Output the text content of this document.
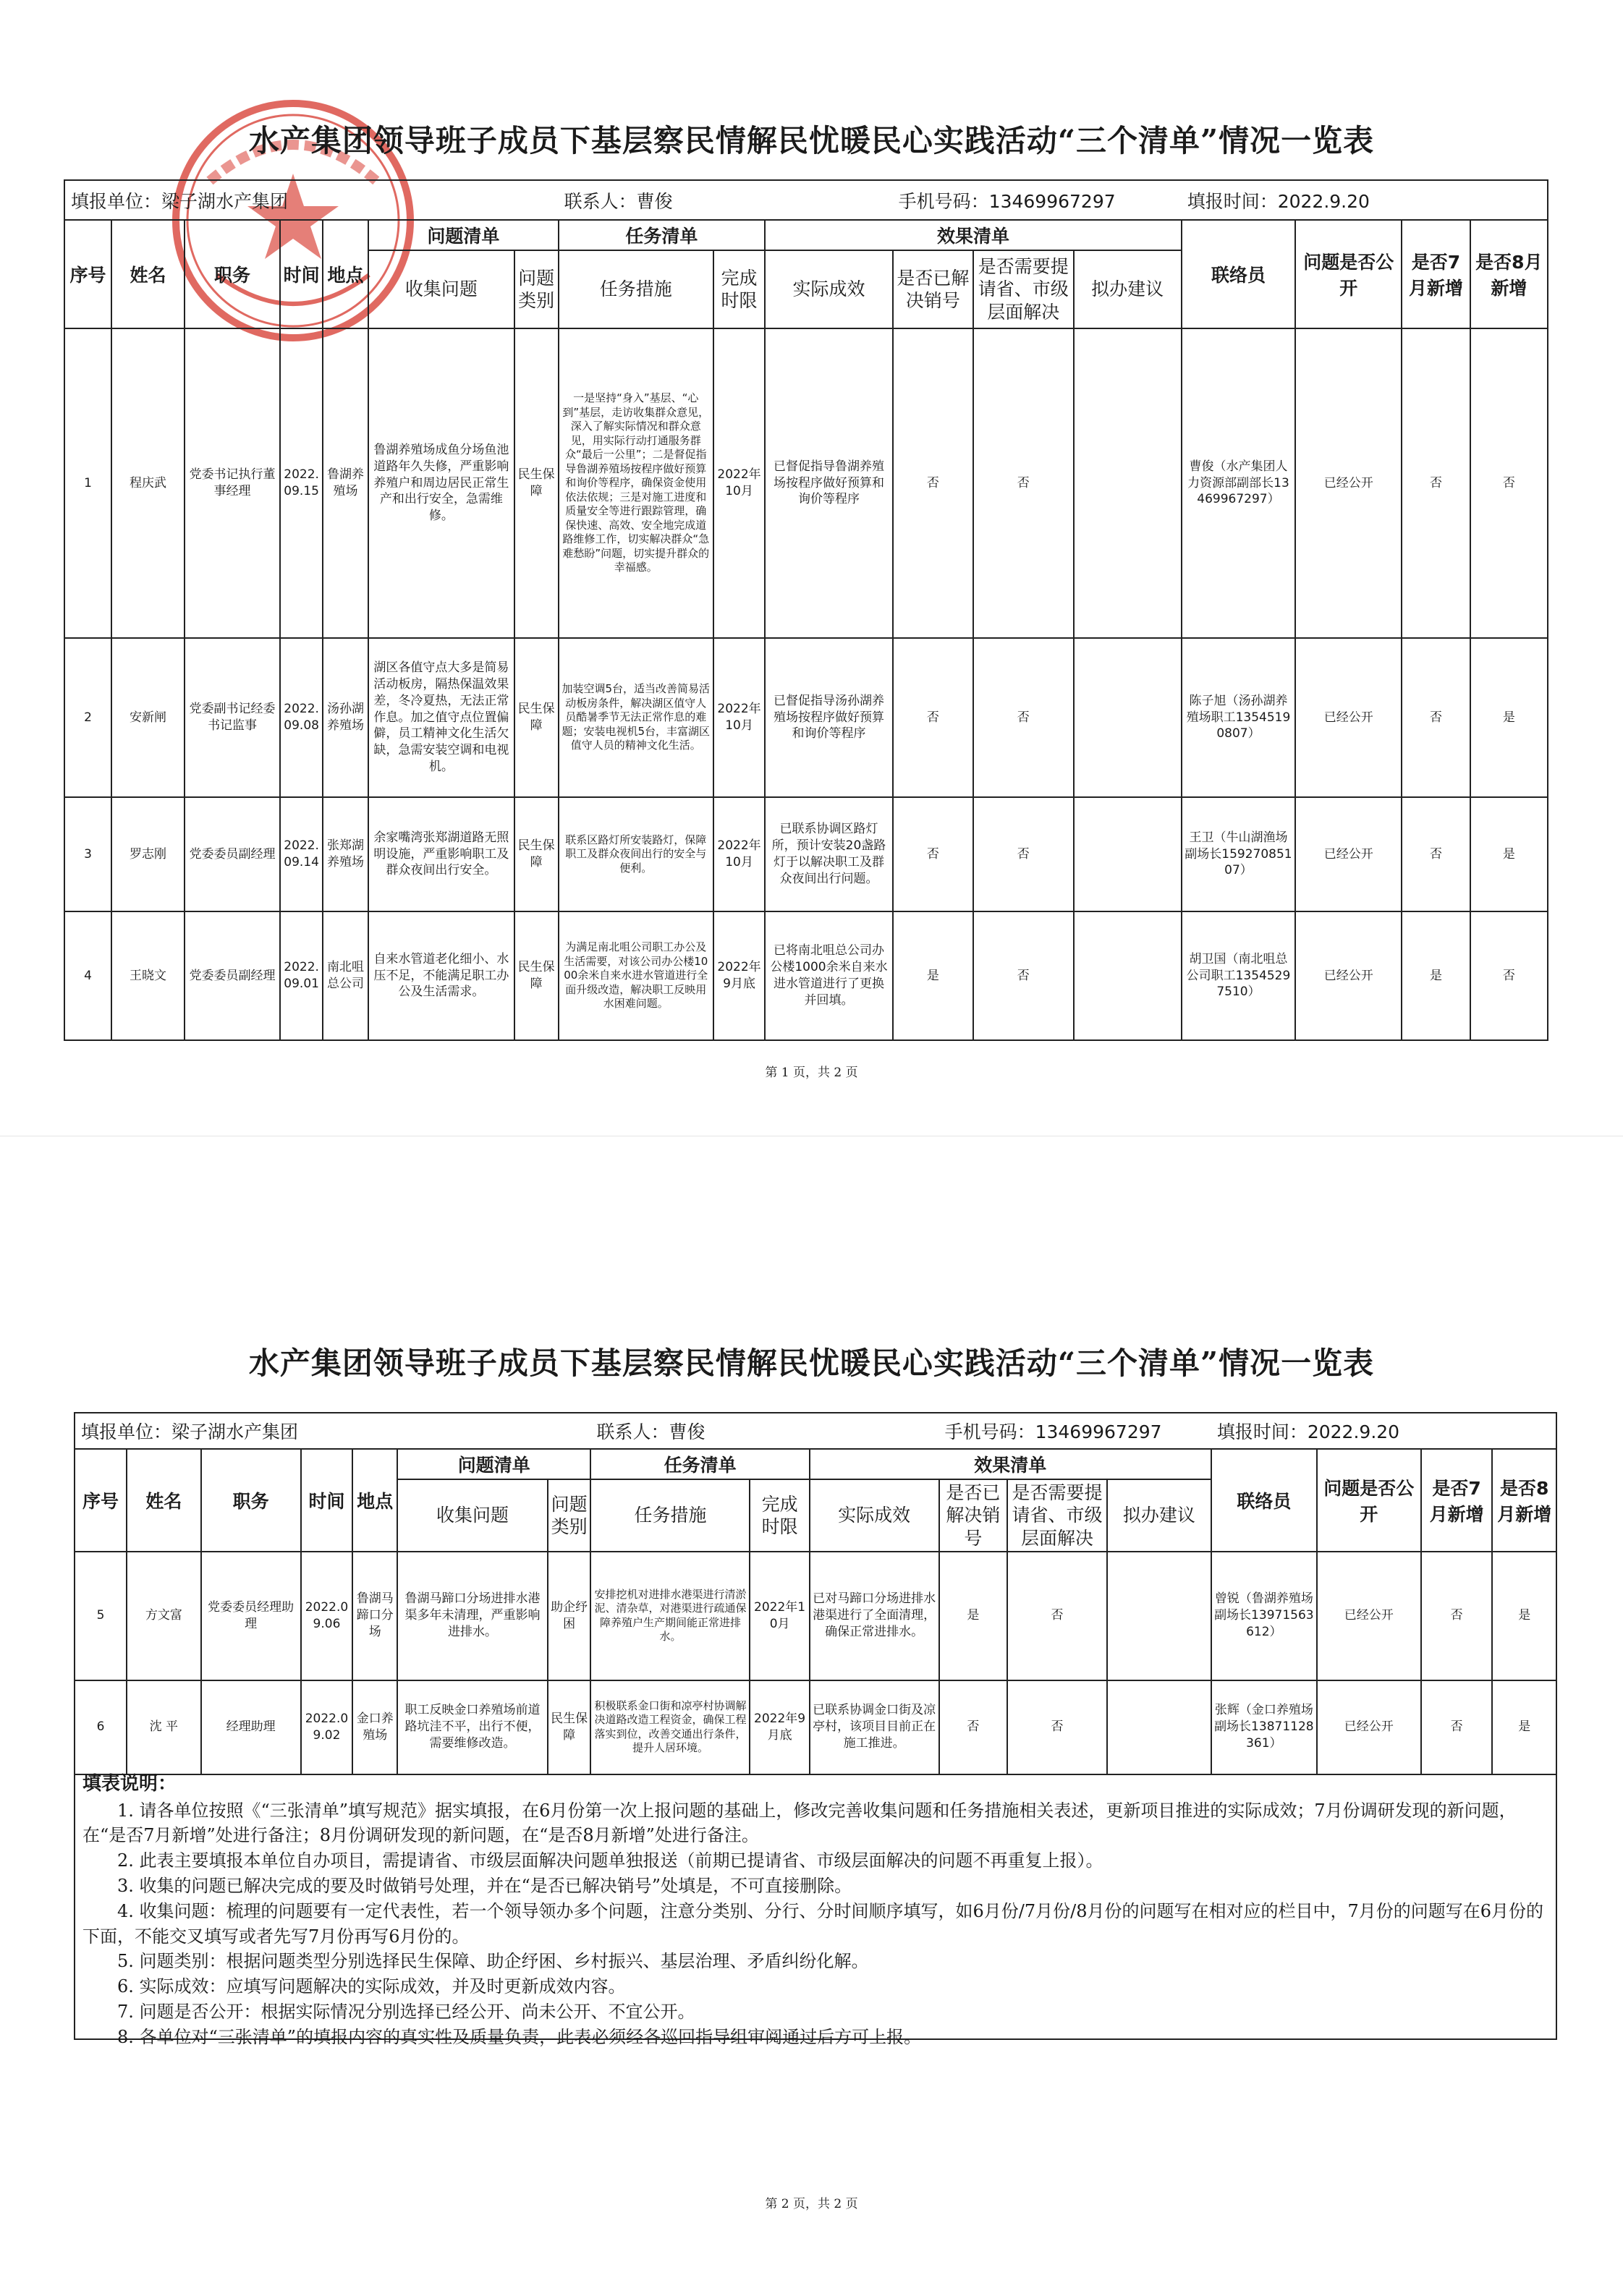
水产集团领导班子成员下基层察民情解民忧暖民心实践活动“三个清单”情况一览表
填报单位：梁子湖水产集团							联系人：曹俊			手机号码：13469967297			填报时间：2022.9.20			
序号	姓名	职务	时间	地点	问题清单		任务清单		效果清单				联络员	问题是否公开	是否7月新增	是否8月新增
					收集问题	问题类别	任务措施	完成时限	实际成效	是否已解决销号	是否需要提请省、市级层面解决	拟办建议				
1	程庆武	党委书记执行董事经理	2022.09.15	鲁湖养殖场	鲁湖养殖场成鱼分场鱼池道路年久失修，严重影响养殖户和周边居民正常生产和出行安全，急需维修。	民生保障	一是坚持“身入”基层、“心到”基层，走访收集群众意见，深入了解实际情况和群众意见，用实际行动打通服务群众“最后一公里”；二是督促指导鲁湖养殖场按程序做好预算和询价等程序，确保资金使用依法依规；三是对施工进度和质量安全等进行跟踪管理，确保快速、高效、安全地完成道路维修工作，切实解决群众“急难愁盼”问题，切实提升群众的幸福感。	2022年10月	已督促指导鲁湖养殖场按程序做好预算和询价等程序	否	否		曹俊（水产集团人力资源部副部长13469967297）	已经公开	否	否
2	安新闸	党委副书记经委书记监事	2022.09.08	汤孙湖养殖场	湖区各值守点大多是简易活动板房，隔热保温效果差，冬冷夏热，无法正常作息。加之值守点位置偏僻，员工精神文化生活欠缺，急需安装空调和电视机。	民生保障	加装空调5台，适当改善简易活动板房条件，解决湖区值守人员酷暑季节无法正常作息的难题；安装电视机5台，丰富湖区值守人员的精神文化生活。	2022年10月	已督促指导汤孙湖养殖场按程序做好预算和询价等程序	否	否		陈子旭（汤孙湖养殖场职工13545190807）	已经公开	否	是
3	罗志刚	党委委员副经理	2022.09.14	张郑湖养殖场	余家嘴湾张郑湖道路无照明设施，严重影响职工及群众夜间出行安全。	民生保障	联系区路灯所安装路灯，保障职工及群众夜间出行的安全与便利。	2022年10月	已联系协调区路灯所，预计安装20盏路灯于以解决职工及群众夜间出行问题。	否	否		王卫（牛山湖渔场副场长15927085107）	已经公开	否	是
4	王晓文	党委委员副经理	2022.09.01	南北咀总公司	自来水管道老化细小、水压不足，不能满足职工办公及生活需求。	民生保障	为满足南北咀公司职工办公及生活需要，对该公司办公楼1000余米自来水进水管道进行全面升级改造，解决职工反映用水困难问题。	2022年9月底	已将南北咀总公司办公楼1000余米自来水进水管道进行了更换并回填。	是	否		胡卫国（南北咀总公司职工13545297510）	已经公开	是	否
第 1 页，共 2 页
水产集团领导班子成员下基层察民情解民忧暖民心实践活动“三个清单”情况一览表
填报单位：梁子湖水产集团							联系人：曹俊			手机号码：13469967297			填报时间：2022.9.20			
序号	姓名	职务	时间	地点	问题清单		任务清单		效果清单				联络员	问题是否公开	是否7月新增	是否8月新增
					收集问题	问题类别	任务措施	完成时限	实际成效	是否已解决销号	是否需要提请省、市级层面解决	拟办建议				
5	方文富	党委委员经理助理	2022.09.06	鲁湖马蹄口分场	鲁湖马蹄口分场进排水港渠多年未清理，严重影响进排水。	助企纾困	安排挖机对进排水港渠进行清淤泥、清杂草，对港渠进行疏通保障养殖户生产期间能正常进排水。	2022年10月	已对马蹄口分场进排水港渠进行了全面清理，确保正常进排水。	是	否		曾锐（鲁湖养殖场副场长13971563612）	已经公开	否	是
6	沈 平	经理助理	2022.09.02	金口养殖场	职工反映金口养殖场前道路坑洼不平，出行不便，需要维修改造。	民生保障	积极联系金口街和凉亭村协调解决道路改造工程资金，确保工程落实到位，改善交通出行条件，提升人居环境。	2022年9月底	已联系协调金口街及凉亭村，该项目目前正在施工推进。	否	否		张辉（金口养殖场副场长13871128361）	已经公开	否	是
填表说明：

1. 请各单位按照《“三张清单”填写规范》据实填报，在6月份第一次上报问题的基础上，修改完善收集问题和任务措施相关表述，更新项目推进的实际成效；7月份调研发现的新问题，在“是否7月新增”处进行备注；8月份调研发现的新问题，在“是否8月新增”处进行备注。

2. 此表主要填报本单位自办项目，需提请省、市级层面解决问题单独报送（前期已提请省、市级层面解决的问题不再重复上报）。

3. 收集的问题已解决完成的要及时做销号处理，并在“是否已解决销号”处填是，不可直接删除。

4. 收集问题：梳理的问题要有一定代表性，若一个领导领办多个问题，注意分类别、分行、分时间顺序填写，如6月份/7月份/8月份的问题写在相对应的栏目中，7月份的问题写在6月份的下面，不能交叉填写或者先写7月份再写6月份的。

5. 问题类别：根据问题类型分别选择民生保障、助企纾困、乡村振兴、基层治理、矛盾纠纷化解。

6. 实际成效：应填写问题解决的实际成效，并及时更新成效内容。

7. 问题是否公开：根据实际情况分别选择已经公开、尚未公开、不宜公开。

8. 各单位对“三张清单”的填报内容的真实性及质量负责，此表必须经各巡回指导组审阅通过后方可上报。

第 2 页，共 2 页
